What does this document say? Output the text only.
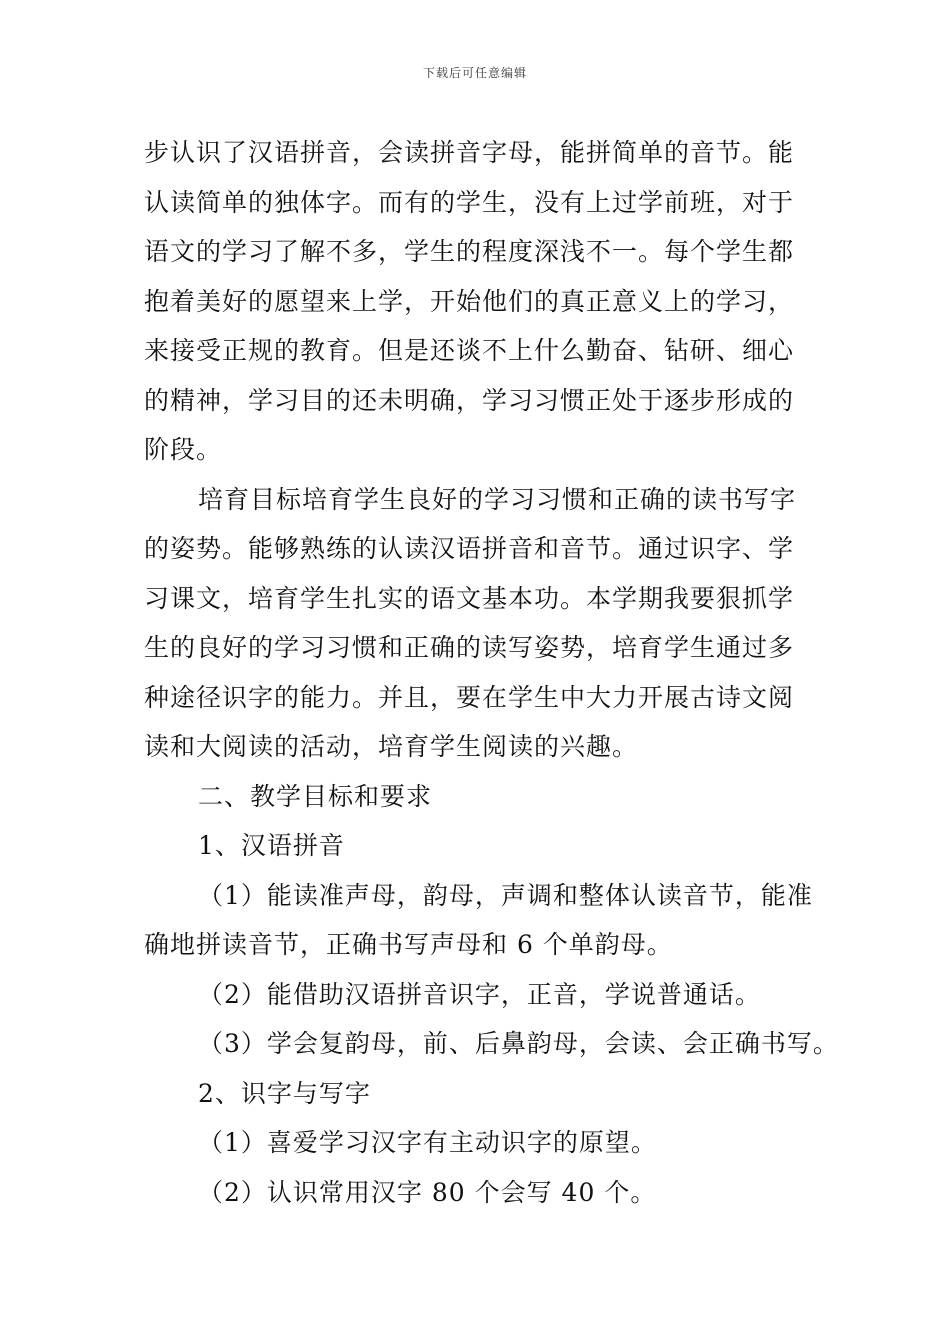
下载后可任意编辑
步认识了汉语拼音，会读拼音字母，能拼简单的音节。能
认读简单的独体字。而有的学生，没有上过学前班，对于
语文的学习了解不多，学生的程度深浅不一。每个学生都
抱着美好的愿望来上学，开始他们的真正意义上的学习，
来接受正规的教育。但是还谈不上什么勤奋、钻研、细心
的精神，学习目的还未明确，学习习惯正处于逐步形成的
阶段。
培育目标培育学生良好的学习习惯和正确的读书写字
的姿势。能够熟练的认读汉语拼音和音节。通过识字、学
习课文，培育学生扎实的语文基本功。本学期我要狠抓学
生的良好的学习习惯和正确的读写姿势，培育学生通过多
种途径识字的能力。并且，要在学生中大力开展古诗文阅
读和大阅读的活动，培育学生阅读的兴趣。
二、教学目标和要求
1、汉语拼音
（1）能读准声母，韵母，声调和整体认读音节，能准
确地拼读音节，正确书写声母和 6 个单韵母。
（2）能借助汉语拼音识字，正音，学说普通话。
（3）学会复韵母，前、后鼻韵母，会读、会正确书写。
2、识字与写字
（1）喜爱学习汉字有主动识字的原望。
（2）认识常用汉字 80 个会写 40 个。
